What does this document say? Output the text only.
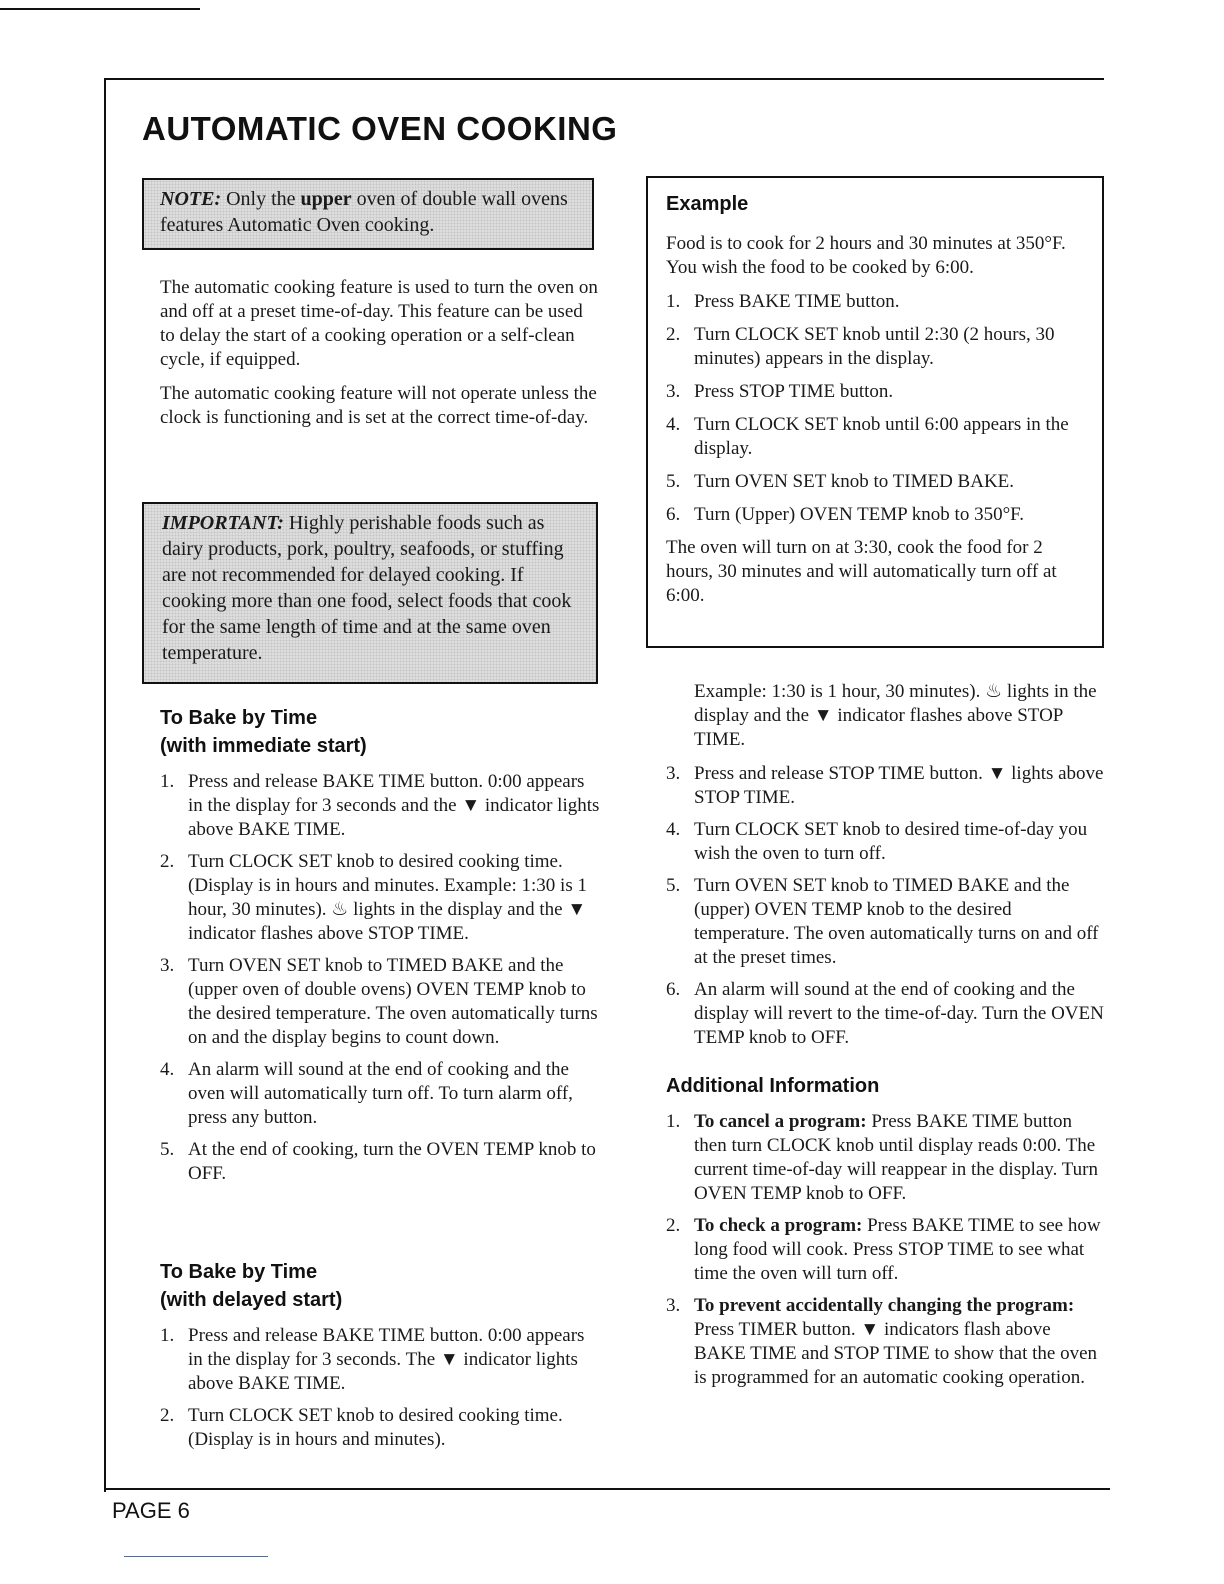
AUTOMATIC OVEN COOKING
NOTE: Only the upper oven of double wall ovens features Automatic Oven cooking.

The automatic cooking feature is used to turn the oven on and off at a preset time-of-day. This feature can be used to delay the start of a cooking operation or a self-clean cycle, if equipped.

The automatic cooking feature will not operate unless the clock is functioning and is set at the correct time-of-day.

IMPORTANT: Highly perishable foods such as dairy products, pork, poultry, seafoods, or stuffing are not recommended for delayed cooking. If cooking more than one food, select foods that cook for the same length of time and at the same oven temperature.
To Bake by Time
(with immediate start)
1. Press and release BAKE TIME button. 0:00 appears in the display for 3 seconds and the ▼ indicator lights above BAKE TIME.
2. Turn CLOCK SET knob to desired cooking time. (Display is in hours and minutes. Example: 1:30 is 1 hour, 30 minutes). ♨ lights in the display and the ▼ indicator flashes above STOP TIME.
3. Turn OVEN SET knob to TIMED BAKE and the (upper oven of double ovens) OVEN TEMP knob to the desired temperature. The oven automatically turns on and the display begins to count down.
4. An alarm will sound at the end of cooking and the oven will automatically turn off. To turn alarm off, press any button.
5. At the end of cooking, turn the OVEN TEMP knob to OFF.
To Bake by Time
(with delayed start)
1. Press and release BAKE TIME button. 0:00 appears in the display for 3 seconds. The ▼ indicator lights above BAKE TIME.
2. Turn CLOCK SET knob to desired cooking time. (Display is in hours and minutes).
Example

Food is to cook for 2 hours and 30 minutes at 350°F. You wish the food to be cooked by 6:00.

1. Press BAKE TIME button.
2. Turn CLOCK SET knob until 2:30 (2 hours, 30 minutes) appears in the display.
3. Press STOP TIME button.
4. Turn CLOCK SET knob until 6:00 appears in the display.
5. Turn OVEN SET knob to TIMED BAKE.
6. Turn (Upper) OVEN TEMP knob to 350°F.

The oven will turn on at 3:30, cook the food for 2 hours, 30 minutes and will automatically turn off at 6:00.

Example: 1:30 is 1 hour, 30 minutes). ♨ lights in the display and the ▼ indicator flashes above STOP TIME.

3. Press and release STOP TIME button. ▼ lights above STOP TIME.
4. Turn CLOCK SET knob to desired time-of-day you wish the oven to turn off.
5. Turn OVEN SET knob to TIMED BAKE and the (upper) OVEN TEMP knob to the desired temperature. The oven automatically turns on and off at the preset times.
6. An alarm will sound at the end of cooking and the display will revert to the time-of-day. Turn the OVEN TEMP knob to OFF.
Additional Information
1. To cancel a program: Press BAKE TIME button then turn CLOCK knob until display reads 0:00. The current time-of-day will reappear in the display. Turn OVEN TEMP knob to OFF.
2. To check a program: Press BAKE TIME to see how long food will cook. Press STOP TIME to see what time the oven will turn off.
3. To prevent accidentally changing the program: Press TIMER button. ▼ indicators flash above BAKE TIME and STOP TIME to show that the oven is programmed for an automatic cooking operation.
PAGE 6
